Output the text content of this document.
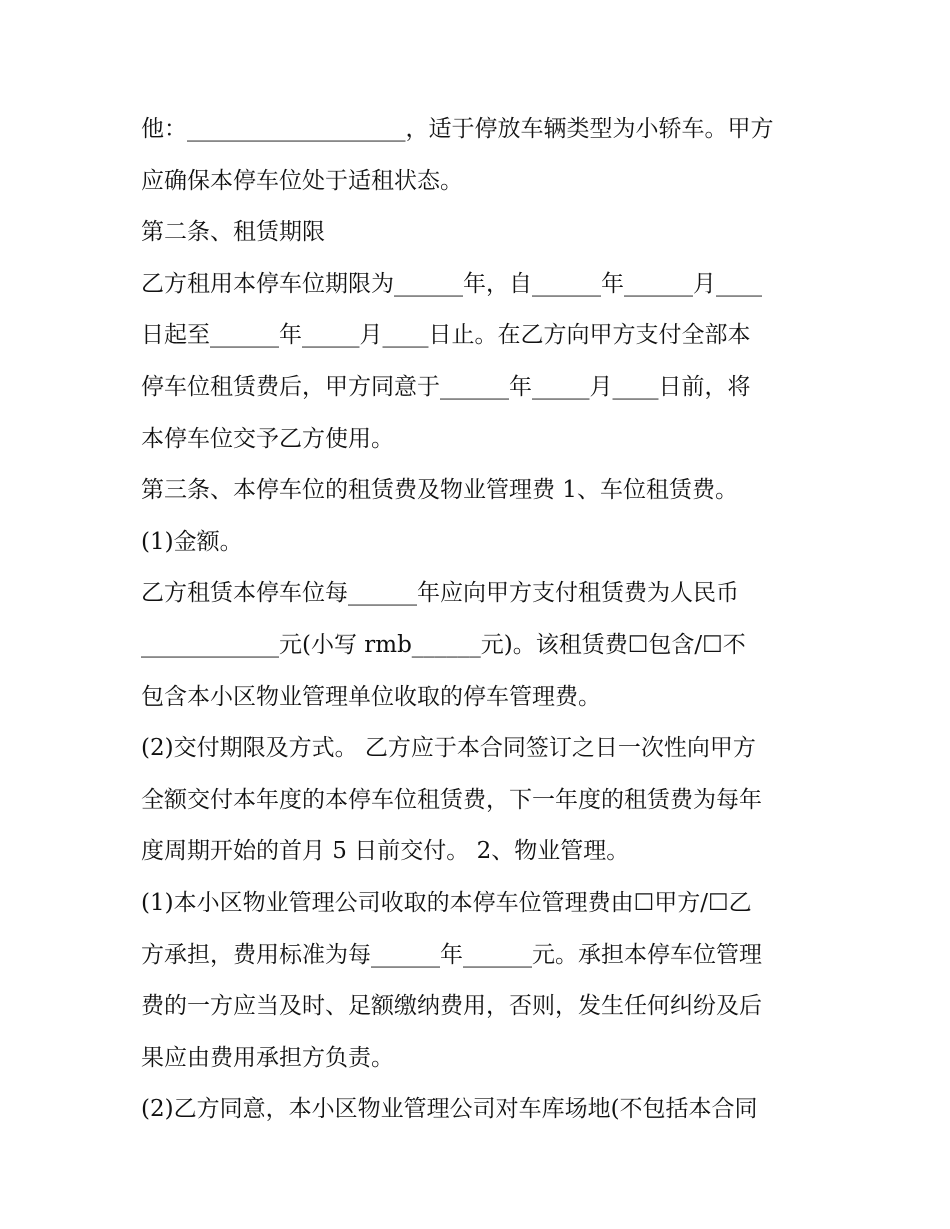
他：___________________，适于停放车辆类型为小轿车。甲方
应确保本停车位处于适租状态。
第二条、租赁期限
乙方租用本停车位期限为______年，自______年______月____
日起至______年_____月____日止。在乙方向甲方支付全部本
停车位租赁费后，甲方同意于______年_____月____日前，将
本停车位交予乙方使用。
第三条、本停车位的租赁费及物业管理费 1、车位租赁费。
(1)金额。
乙方租赁本停车位每______年应向甲方支付租赁费为人民币
____________元(小写 rmb______元)。该租赁费☐包含/☐不
包含本小区物业管理单位收取的停车管理费。
(2)交付期限及方式。 乙方应于本合同签订之日一次性向甲方
全额交付本年度的本停车位租赁费，下一年度的租赁费为每年
度周期开始的首月 5 日前交付。 2、物业管理。
(1)本小区物业管理公司收取的本停车位管理费由☐甲方/☐乙
方承担，费用标准为每______年______元。承担本停车位管理
费的一方应当及时、足额缴纳费用，否则，发生任何纠纷及后
果应由费用承担方负责。
(2)乙方同意，本小区物业管理公司对车库场地(不包括本合同
